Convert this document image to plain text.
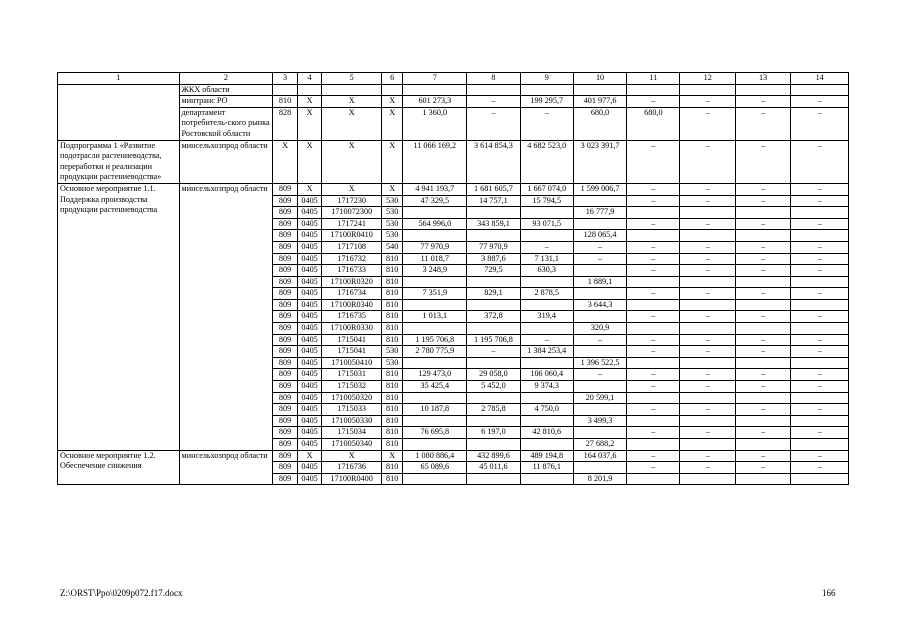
1	2	3	4	5	6	7	8	9	10	11	12	13	14
	ЖКХ области												
	минтранс РО	810	X	X	X	601 273,3	–	199 295,7	401 977,6	–	–	–	–
	департамент потребитель-ского рынка Ростовской области	828	X	X	X	1 360,0	–	–	680,0	680,0	–	–	–
Подпрограмма 1 «Развитие подотрасли растениеводства, переработки и реализации продукции растениеводства»	минсельхозпрод области	X	X	X	X	11 066 169,2	3 614 854,3	4 682 523,0	3 023 391,7	–	–	–	–
Основное мероприятие 1.1. Поддержка производства продукции растениеводства	минсельхозпрод области	809	X	X	X	4 941 193,7	1 681 605,7	1 667 074,0	1 599 006,7	–	–	–	–
		809	0405	1717230	530	47 329,5	14 757,1	15 794,5		–	–	–	–
		809	0405	1710072300	530				16 777,9				
		809	0405	1717241	530	564 996,0	343 859,1	93 071,5		–	–	–	–
		809	0405	17100R0410	530				128 065,4				
		809	0405	1717108	540	77 970,9	77 970,9	–	–	–	–	–	–
		809	0405	1716732	810	11 018,7	3 887,6	7 131,1	–	–	–	–	–
		809	0405	1716733	810	3 248,9	729,5	630,3		–	–	–	–
		809	0405	17100R0320	810				1 889,1				
		809	0405	1716734	810	7 351,9	829,1	2 878,5		–	–	–	–
		809	0405	17100R0340	810				3 644,3				
		809	0405	1716735	810	1 013,1	372,8	319,4		–	–	–	–
		809	0405	17100R0330	810				320,9				
		809	0405	1715041	810	1 195 706,8	1 195 706,8	–	–	–	–	–	–
		809	0405	1715041	530	2 780 775,9	–	1 384 253,4		–	–	–	–
		809	0405	1710050410	530				1 396 522,5				
		809	0405	1715031	810	129 473,0	29 058,0	106 060,4	–	–	–	–	–
		809	0405	1715032	810	35 425,4	5 452,0	9 374,3		–	–	–	–
		809	0405	1710050320	810				20 599,1				
		809	0405	1715033	810	10 187,8	2 785,8	4 750,0		–	–	–	–
		809	0405	1710050330	810				3 499,3				
		809	0405	1715034	810	76 695,8	6 197,0	42 810,6		–	–	–	–
		809	0405	1710050340	810				27 688,2				
Основное мероприятие 1.2. Обеспечение снижения	минсельхозпрод области	809	X	X	X	1 080 886,4	432 899,6	489 194,8	164 037,6	–	–	–	–
		809	0405	1716736	810	65 089,6	45 011,6	11 876,1		–	–	–	–
		809	0405	17100R0400	810				8 201,9				
Z:\ORST\Ppo\0209p072.f17.docx	166
